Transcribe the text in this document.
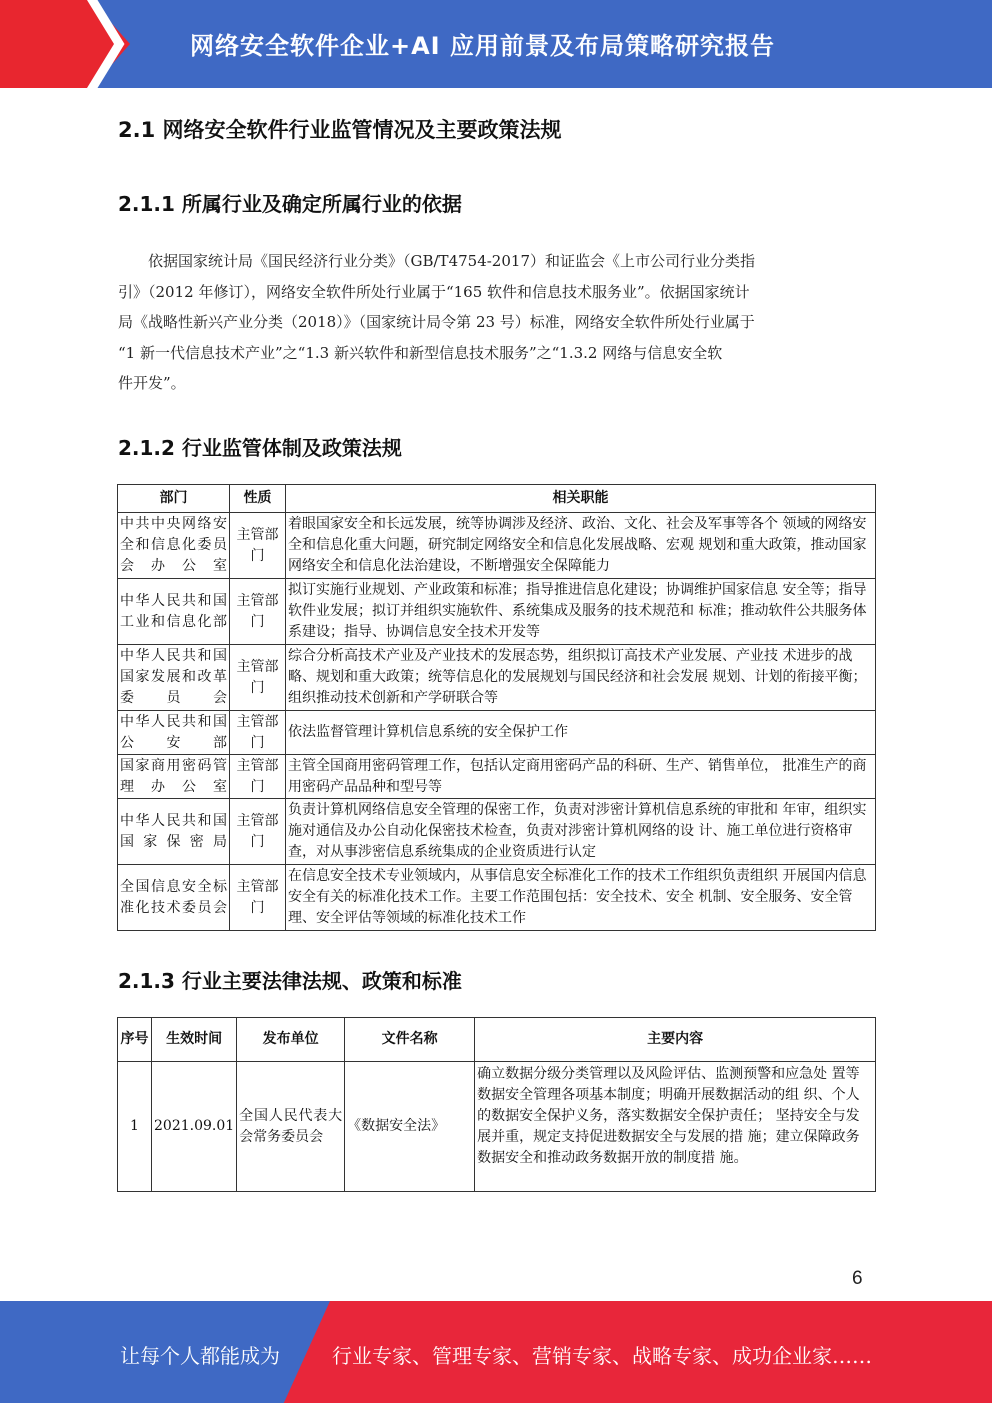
网络安全软件企业+AI 应用前景及布局策略研究报告
2.1 网络安全软件行业监管情况及主要政策法规
2.1.1 所属行业及确定所属行业的依据
　　依据国家统计局《国民经济行业分类》（GB/T4754-2017）和证监会《上市公司行业分类指
引》（2012 年修订），网络安全软件所处行业属于“165 软件和信息技术服务业”。依据国家统计
局《战略性新兴产业分类（2018）》（国家统计局令第 23 号）标准，网络安全软件所处行业属于
“1 新一代信息技术产业”之“1.3 新兴软件和新型信息技术服务”之“1.3.2 网络与信息安全软
件开发”。
2.1.2 行业监管体制及政策法规
部门	性质	相关职能
中共中央网络安全和信息化委员会办公室	主管部门	着眼国家安全和长远发展，统等协调涉及经济、政治、文化、社会及军事等各个 领域的网络安全和信息化重大问题，研究制定网络安全和信息化发展战略、宏观 规划和重大政策，推动国家网络安全和信息化法治建设，不断增强安全保障能力
中华人民共和国工业和信息化部	主管部门	拟订实施行业规划、产业政策和标准；指导推进信息化建设；协调维护国家信息 安全等；指导软件业发展；拟订并组织实施软件、系统集成及服务的技术规范和 标准；推动软件公共服务体系建设；指导、协调信息安全技术开发等
中华人民共和国国家发展和改革委员会	主管部门	综合分析高技术产业及产业技术的发展态势，组织拟订高技术产业发展、产业技 术进步的战略、规划和重大政策；统等信息化的发展规划与国民经济和社会发展 规划、计划的衔接平衡；组织推动技术创新和产学研联合等
中华人民共和国公安部	主管部门	依法监督管理计算机信息系统的安全保护工作
国家商用密码管理办公室	主管部门	主管全国商用密码管理工作，包括认定商用密码产品的科研、生产、销售单位， 批准生产的商用密码产品品种和型号等
中华人民共和国国家保密局	主管部门	负责计算机网络信息安全管理的保密工作，负责对涉密计算机信息系统的审批和 年审，组织实施对通信及办公自动化保密技术检查，负责对涉密计算机网络的设 计、施工单位进行资格审查，对从事涉密信息系统集成的企业资质进行认定
全国信息安全标准化技术委员会	主管部门	在信息安全技术专业领域内，从事信息安全标准化工作的技术工作组织负责组织 开展国内信息安全有关的标准化技术工作。主要工作范围包括：安全技术、安全 机制、安全服务、安全管理、安全评估等领域的标准化技术工作
2.1.3 行业主要法律法规、政策和标准
序号	生效时间	发布单位	文件名称	主要内容
1	2021.09.01	全国人民代表大会常务委员会	《数据安全法》	确立数据分级分类管理以及风险评估、监测预警和应急处 置等数据安全管理各项基本制度；明确开展数据活动的组 织、个人的数据安全保护义务，落实数据安全保护责任； 坚持安全与发展并重，规定支持促进数据安全与发展的措 施；建立保障政务数据安全和推动政务数据开放的制度措 施。
6
让每个人都能成为	行业专家、管理专家、营销专家、战略专家、成功企业家……
